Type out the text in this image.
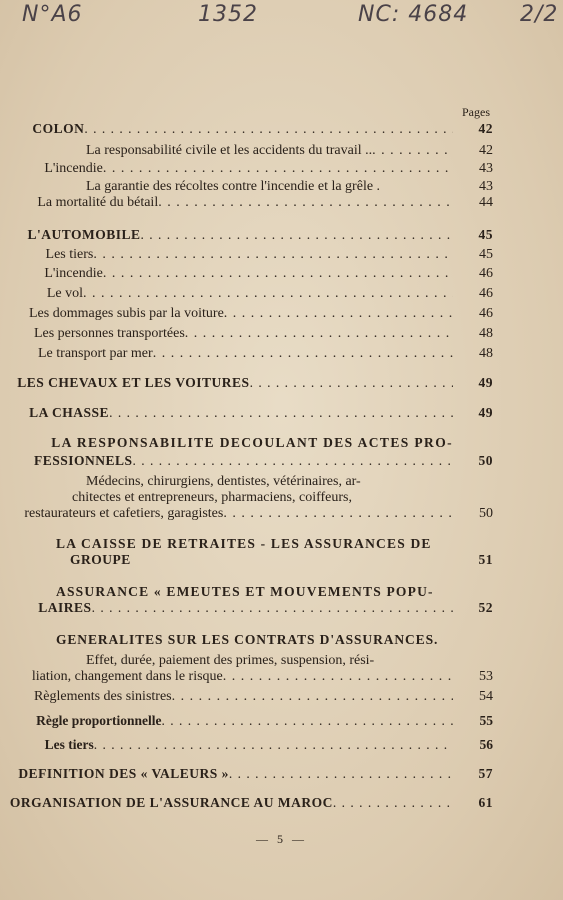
N°A6	1352	NC: 4684 2/2
Pages
COLON . . .	42
La responsabilité civile et les accidents du travail .. . . .	42
L'incendie . . .	43
La garantie des récoltes contre l'incendie et la grêle .	43
La mortalité du bétail . . .	44
L'AUTOMOBILE . . .	45
Les tiers . . .	45
L'incendie . . .	46
Le vol . . .	46
Les dommages subis par la voiture . . .	46
Les personnes transportées . . .	48
Le transport par mer . . .	48
LES CHEVAUX ET LES VOITURES . . .	49
LA CHASSE . . .	49
LA RESPONSABILITE DECOULANT DES ACTES PRO-
FESSIONNELS . . .	50
Médecins, chirurgiens, dentistes, vétérinaires, ar-
chitectes et entrepreneurs, pharmaciens, coiffeurs,
restaurateurs et cafetiers, garagistes . . .	50
LA CAISSE DE RETRAITES - LES ASSURANCES DE
GROUPE	51
ASSURANCE « EMEUTES ET MOUVEMENTS POPU-
LAIRES . . .	52
GENERALITES SUR LES CONTRATS D'ASSURANCES.
Effet, durée, paiement des primes, suspension, rési-
liation, changement dans le risque . . .	53
Règlements des sinistres . . .	54
Règle proportionnelle . . .	55
Les tiers . . .	56
DEFINITION DES « VALEURS » . . .	57
ORGANISATION DE L'ASSURANCE AU MAROC . . .	61
— 5 —
